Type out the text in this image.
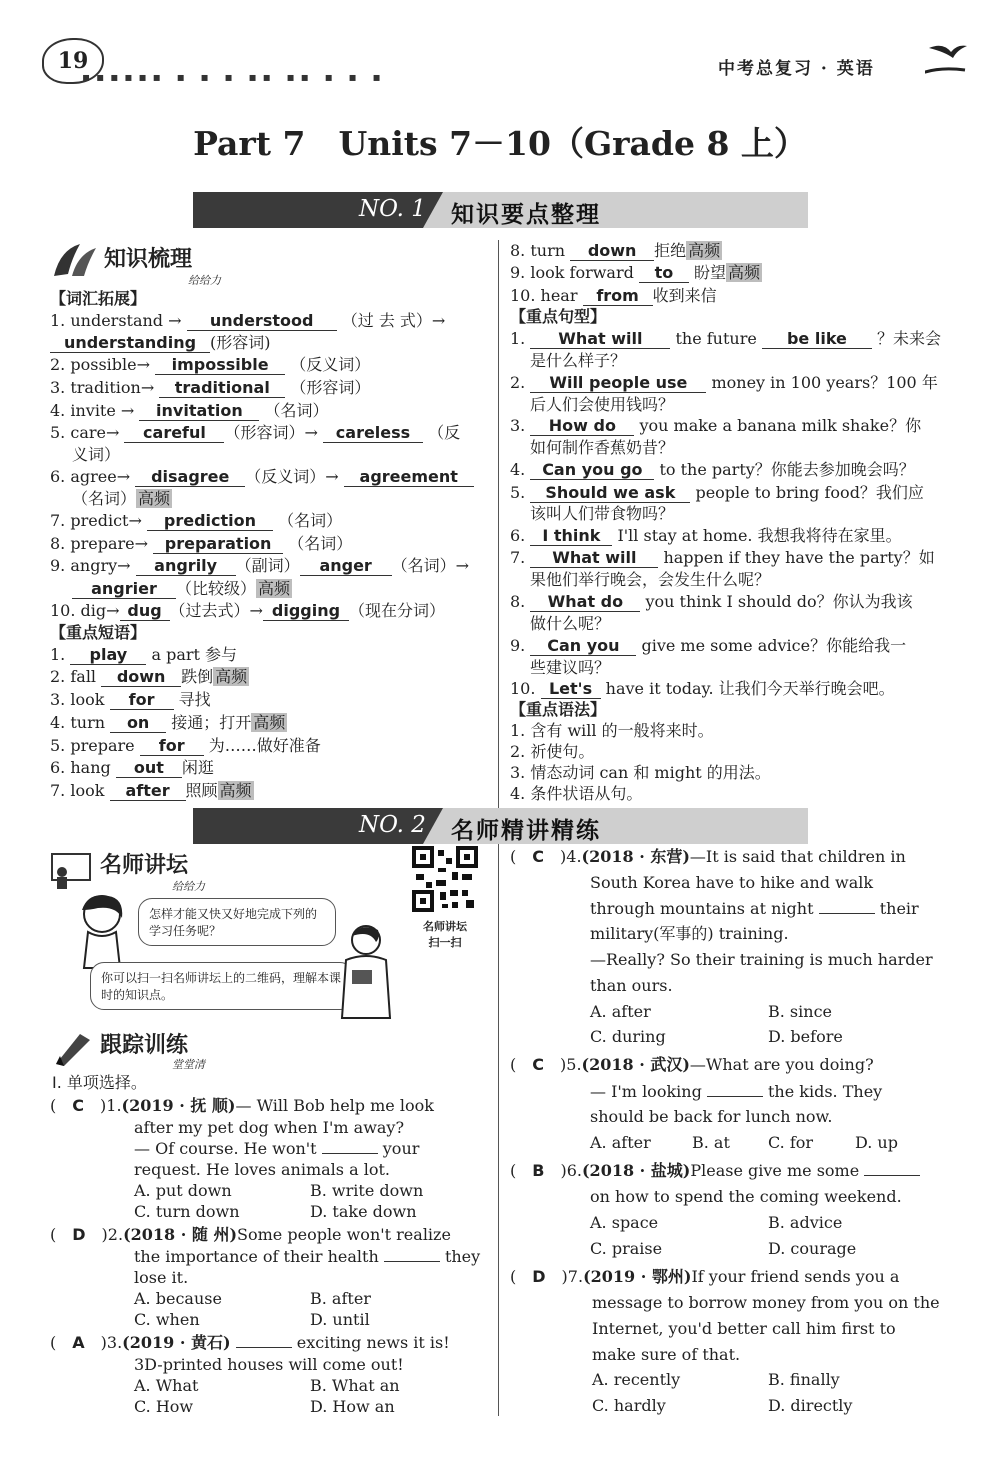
19
▪▪▪▪▪▪ ▪ ▪ ▪ ▪▪ ▪▪ ▪ ▪ ▪	中考总复习 · 英语
Part 7　Units 7－10（Grade 8 上）
NO. 1 知识要点整理
知识梳理
给给力
【词汇拓展】
1. understand → understood （过 去 式）→
understanding (形容词)
2. possible→ impossible （反义词）
3. tradition→ traditional （形容词）
4. invite → invitation （名词）
5. care→ careful （形容词）→ careless （反
义词）
6. agree→ disagree （反义词）→ agreement
（名词） 高频
7. predict→ prediction （名词）
8. prepare→ preparation （名词）
9. angry→ angrily （副词） anger （名词）→
angrier （比较级） 高频
10. dig→ dug （过去式）→ digging （现在分词）
【重点短语】
1. play a part 参与
2. fall down 跌倒 高频
3. look for 寻找
4. turn on 接通；打开 高频
5. prepare for 为……做好准备
6. hang out 闲逛
7. look after 照顾 高频
8. turn down 拒绝 高频
9. look forward to 盼望 高频
10. hear from 收到来信
【重点句型】
1. What will the future be like ？未来会
是什么样子？
2. Will people use money in 100 years？100 年
后人们会使用钱吗？
3. How do you make a banana milk shake？你
如何制作香蕉奶昔？
4. Can you go to the party？你能去参加晚会吗？
5. Should we ask people to bring food？我们应
该叫人们带食物吗？
6. I think I'll stay at home. 我想我将待在家里。
7. What will happen if they have the party？如
果他们举行晚会，会发生什么呢？
8. What do you think I should do？你认为我该
做什么呢？
9. Can you give me some advice？你能给我一
些建议吗？
10. Let's have it today. 让我们今天举行晚会吧。
【重点语法】
1. 含有 will 的一般将来时。
2. 祈使句。
3. 情态动词 can 和 might 的用法。
4. 条件状语从句。
NO. 2 名师精讲精练
名师讲坛
给给力
怎样才能又快又好地完成下列的学习任务呢？
你可以扫一扫名师讲坛上的二维码，理解本课时的知识点。
名师讲坛
扫一扫
跟踪训练
堂堂清
Ⅰ. 单项选择。
(　C　 )1.(2019 · 抚 顺)— Will Bob help me look
after my pet dog when I'm away?
— Of course. He won't	your
request. He loves animals a lot.
A. put down	B. write down
C. turn down	D. take down
(　D　 )2.(2018 · 随 州)Some people won't realize
the importance of their health	they
lose it.
A. because	B. after
C. when	D. until
(　A　 )3.(2019 · 黄石)	exciting news it is!
3D-printed houses will come out!
A. What	B. What an
C. How	D. How an
(　C　 )4.(2018 · 东营)—It is said that children in
South Korea have to hike and walk
through mountains at night	their
military(军事的) training.
—Really? So their training is much harder
than ours.
A. after	B. since
C. during	D. before
(　C　 )5.(2018 · 武汉)—What are you doing?
— I'm looking	the kids. They
should be back for lunch now.
A. after	B. at C. for	D. up
(　B　 )6.(2018 · 盐城)Please give me some
on how to spend the coming weekend.
A. space	B. advice
C. praise	D. courage
(　D　 )7.(2019 · 鄂州)If your friend sends you a
message to borrow money from you on the
Internet, you'd better call him first to
make sure of that.
A. recently	B. finally
C. hardly	D. directly
